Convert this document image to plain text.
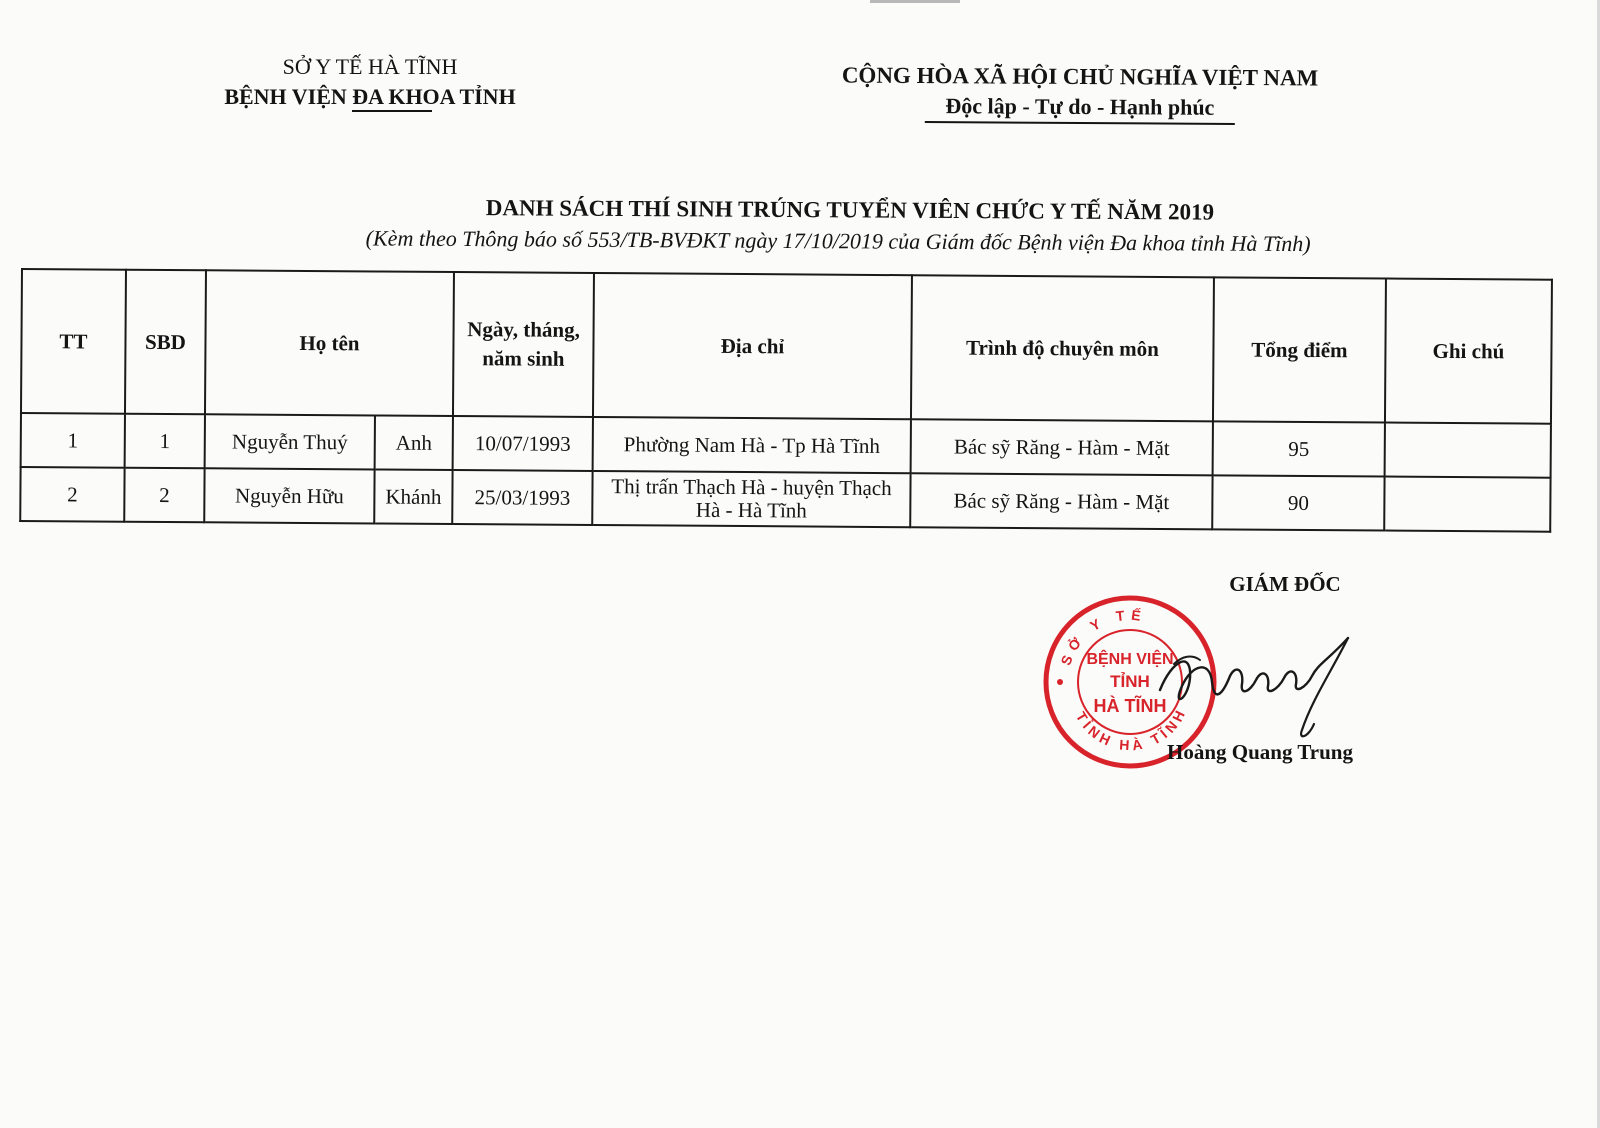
SỞ Y TẾ HÀ TĨNH
BỆNH VIỆN ĐA KHOA TỈNH
CỘNG HÒA XÃ HỘI CHỦ NGHĨA VIỆT NAM
Độc lập - Tự do - Hạnh phúc
DANH SÁCH THÍ SINH TRÚNG TUYỂN VIÊN CHỨC Y TẾ NĂM 2019
(Kèm theo Thông báo số 553/TB-BVĐKT ngày 17/10/2019 của Giám đốc Bệnh viện Đa khoa tỉnh Hà Tĩnh)
TT	SBD	Họ tên		Ngày, tháng, năm sinh	Địa chỉ	Trình độ chuyên môn	Tổng điểm	Ghi chú
1	1	Nguyễn Thuý	Anh	10/07/1993	Phường Nam Hà - Tp Hà Tĩnh	Bác sỹ Răng - Hàm - Mặt	95	
2	2	Nguyễn Hữu	Khánh	25/03/1993	Thị trấn Thạch Hà - huyện Thạch Hà - Hà Tĩnh	Bác sỹ Răng - Hàm - Mặt	90	
GIÁM ĐỐC
SỞ Y TẾ
TỈNH HÀ TĨNH
BỆNH VIỆN
TỈNH
HÀ TĨNH
Hoàng Quang Trung
